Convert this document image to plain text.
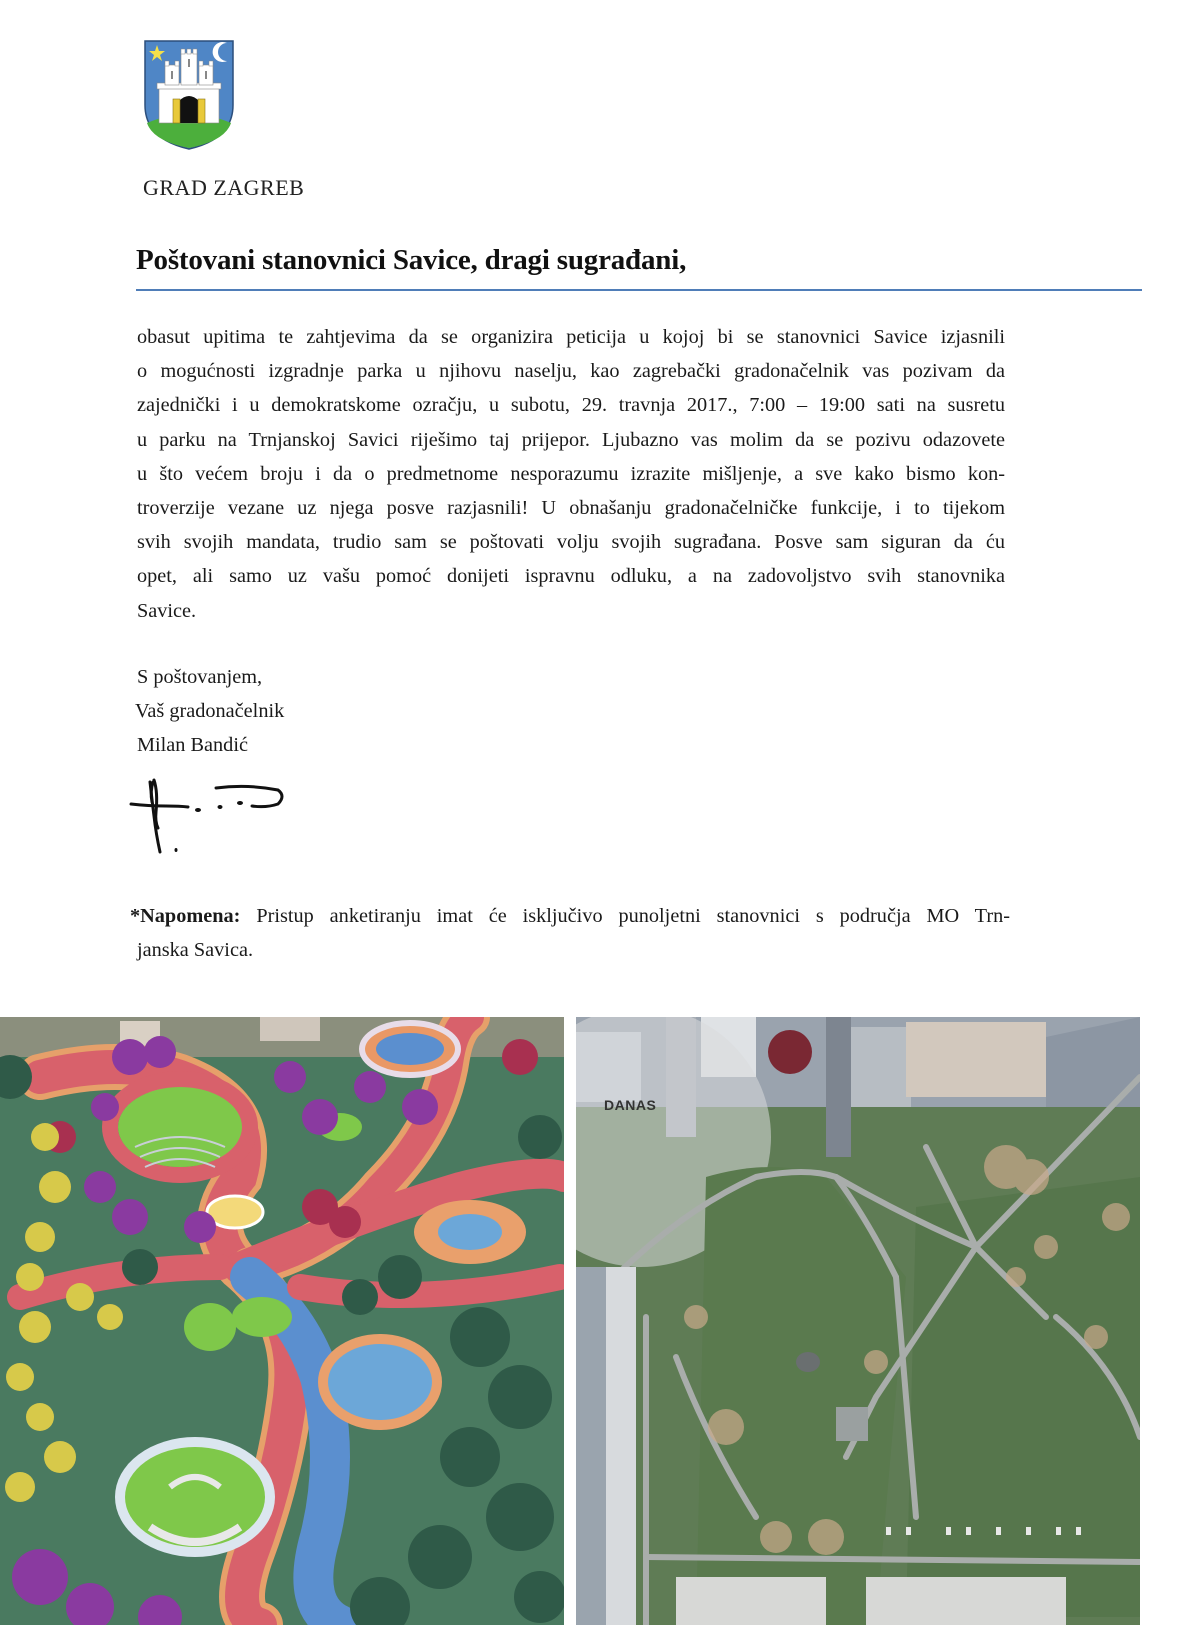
GRAD ZAGREB
Poštovani stanovnici Savice, dragi sugrađani,
obasut upitima te zahtjevima da se organizira peticija u kojoj bi se stanovnici Savice izjasnili
o mogućnosti izgradnje parka u njihovu naselju, kao zagrebački gradonačelnik vas pozivam da
zajednički i u demokratskome ozračju, u subotu, 29. travnja 2017., 7:00 – 19:00 sati na susretu
u parku na Trnjanskoj Savici riješimo taj prijepor. Ljubazno vas molim da se pozivu odazovete
u što većem broju i da o predmetnome nesporazumu izrazite mišljenje, a sve kako bismo kon-
troverzije vezane uz njega posve razjasnili! U obnašanju gradonačelničke funkcije, i to tijekom
svih svojih mandata, trudio sam se poštovati volju svojih sugrađana. Posve sam siguran da ću
opet, ali samo uz vašu pomoć donijeti ispravnu odluku, a na zadovoljstvo svih stanovnika
Savice.
S poštovanjem,
Vaš gradonačelnik
Milan Bandić
*Napomena: Pristup anketiranju imat će isključivo punoljetni stanovnici s područja MO Trn-
janska Savica.
DANAS
